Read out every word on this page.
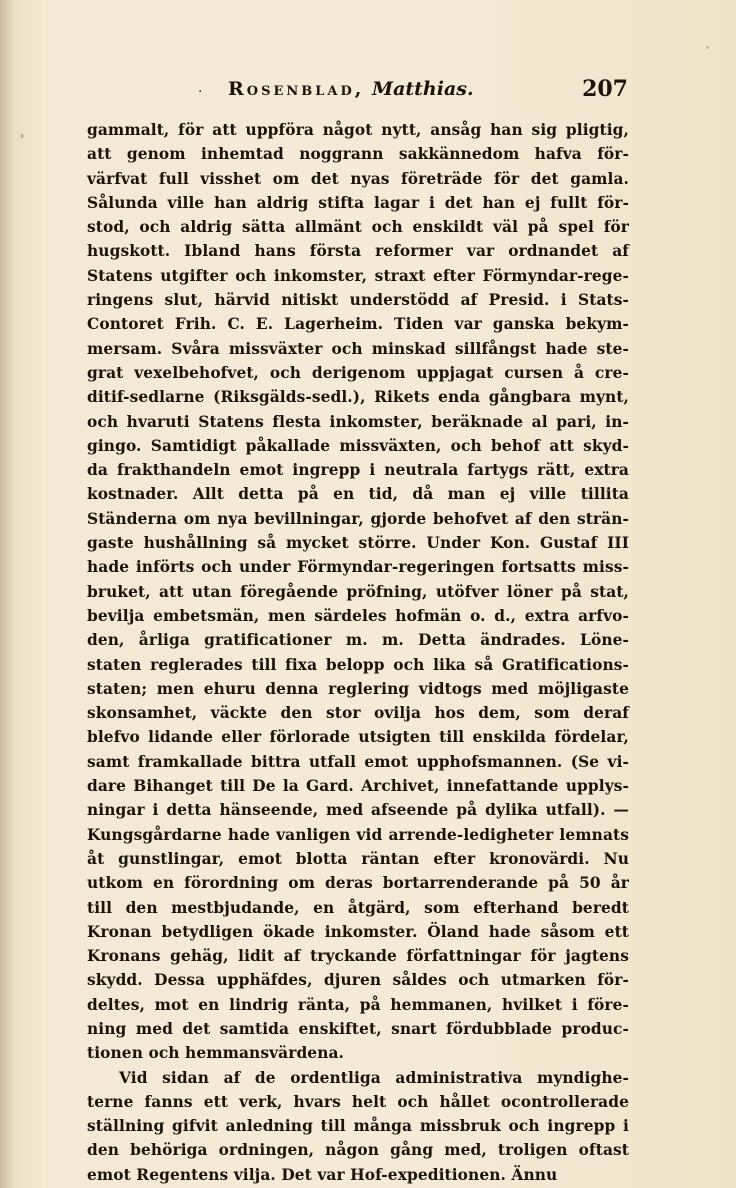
· Rosenblad, Matthias.	207
gammalt, för att uppföra något nytt, ansåg han sig pligtig,
att genom inhemtad noggrann sakkännedom hafva för-
värfvat full visshet om det nyas företräde för det gamla.
Sålunda ville han aldrig stifta lagar i det han ej fullt för-
stod, och aldrig sätta allmänt och enskildt väl på spel för
hugskott. Ibland hans första reformer var ordnandet af
Statens utgifter och inkomster, straxt efter Förmyndar-rege-
ringens slut, härvid nitiskt understödd af Presid. i Stats-
Contoret Frih. C. E. Lagerheim. Tiden var ganska bekym-
mersam. Svåra missväxter och minskad sillfångst hade ste-
grat vexelbehofvet, och derigenom uppjagat cursen å cre-
ditif-sedlarne (Riksgälds-sedl.), Rikets enda gångbara mynt,
och hvaruti Statens flesta inkomster, beräknade al pari, in-
gingo. Samtidigt påkallade missväxten, och behof att skyd-
da frakthandeln emot ingrepp i neutrala fartygs rätt, extra
kostnader. Allt detta på en tid, då man ej ville tillita
Ständerna om nya bevillningar, gjorde behofvet af den strän-
gaste hushållning så mycket större. Under Kon. Gustaf III
hade införts och under Förmyndar-regeringen fortsatts miss-
bruket, att utan föregående pröfning, utöfver löner på stat,
bevilja embetsmän, men särdeles hofmän o. d., extra arfvo-
den, årliga gratificationer m. m. Detta ändrades. Löne-
staten reglerades till fixa belopp och lika så Gratifications-
staten; men ehuru denna reglering vidtogs med möjligaste
skonsamhet, väckte den stor ovilja hos dem, som deraf
blefvo lidande eller förlorade utsigten till enskilda fördelar,
samt framkallade bittra utfall emot upphofsmannen. (Se vi-
dare Bihanget till De la Gard. Archivet, innefattande upplys-
ningar i detta hänseende, med afseende på dylika utfall). —
Kungsgårdarne hade vanligen vid arrende-ledigheter lemnats
åt gunstlingar, emot blotta räntan efter kronovärdi. Nu
utkom en förordning om deras bortarrenderande på 50 år
till den mestbjudande, en åtgärd, som efterhand beredt
Kronan betydligen ökade inkomster. Öland hade såsom ett
Kronans gehäg, lidit af tryckande författningar för jagtens
skydd. Dessa upphäfdes, djuren såldes och utmarken för-
deltes, mot en lindrig ränta, på hemmanen, hvilket i före-
ning med det samtida enskiftet, snart fördubblade produc-
tionen och hemmansvärdena.
Vid sidan af de ordentliga administrativa myndighe-
terne fanns ett verk, hvars helt och hållet ocontrollerade
ställning gifvit anledning till många missbruk och ingrepp i
den behöriga ordningen, någon gång med, troligen oftast
emot Regentens vilja. Det var Hof-expeditionen. Ännu
